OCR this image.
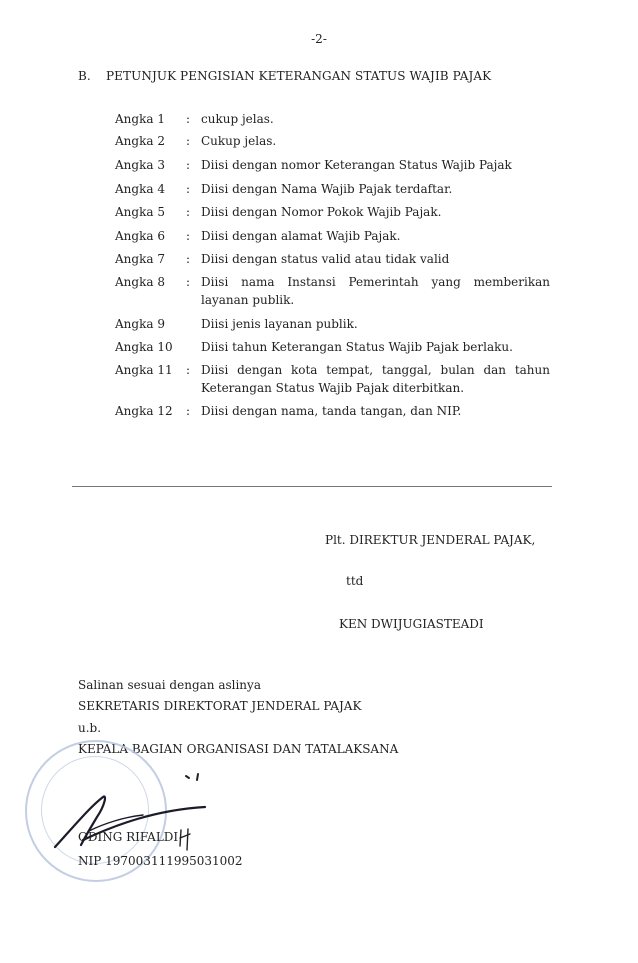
-2-
B. PETUNJUK PENGISIAN KETERANGAN STATUS WAJIB PAJAK
Angka 1 : cukup jelas.
Angka 2 : Cukup jelas.
Angka 3 : Diisi dengan nomor Keterangan Status Wajib Pajak
Angka 4 : Diisi dengan Nama Wajib Pajak terdaftar.
Angka 5 : Diisi dengan Nomor Pokok Wajib Pajak.
Angka 6 : Diisi dengan alamat Wajib Pajak.
Angka 7 : Diisi dengan status valid atau tidak valid
Angka 8 : Diisi nama Instansi Pemerintah yang memberikan
layanan publik.
Angka 9	Diisi jenis layanan publik.
Angka 10 Diisi tahun Keterangan Status Wajib Pajak berlaku.
Angka 11 : Diisi dengan kota tempat, tanggal, bulan dan tahun
Keterangan Status Wajib Pajak diterbitkan.
Angka 12 : Diisi dengan nama, tanda tangan, dan NIP.
Plt. DIREKTUR JENDERAL PAJAK,
ttd
KEN DWIJUGIASTEADI
Salinan sesuai dengan aslinya
SEKRETARIS DIREKTORAT JENDERAL PAJAK
u.b.
KEPALA BAGIAN ORGANISASI DAN TATALAKSANA
ODING RIFALDI
NIP 197003111995031002
